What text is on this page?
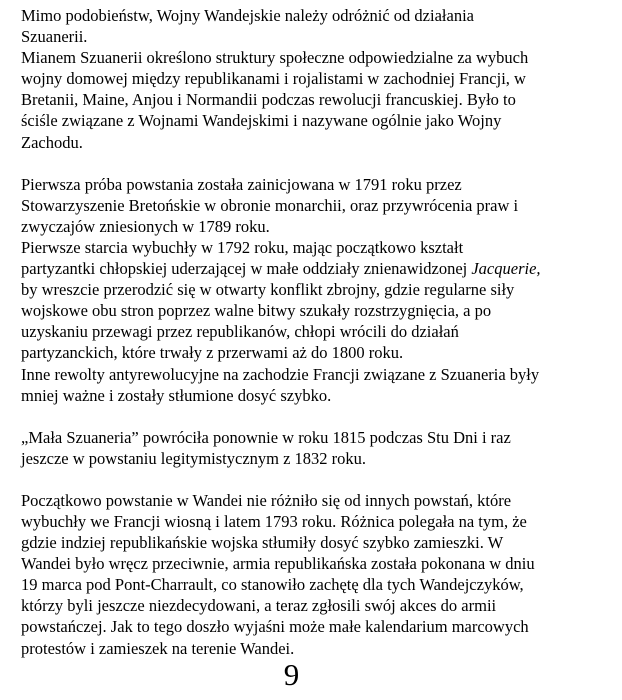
Mimo podobieństw, Wojny Wandejskie należy odróżnić od działania
Szuanerii.
Mianem Szuanerii określono struktury społeczne odpowiedzialne za wybuch
wojny domowej między republikanami i rojalistami w zachodniej Francji, w
Bretanii, Maine, Anjou i Normandii podczas rewolucji francuskiej. Było to
ściśle związane z Wojnami Wandejskimi i nazywane ogólnie jako Wojny
Zachodu.

Pierwsza próba powstania została zainicjowana w 1791 roku przez
Stowarzyszenie Bretońskie w obronie monarchii, oraz przywrócenia praw i
zwyczajów zniesionych w 1789 roku.
Pierwsze starcia wybuchły w 1792 roku, mając początkowo kształt
partyzantki chłopskiej uderzającej w małe oddziały znienawidzonej Jacquerie,
by wreszcie przerodzić się w otwarty konflikt zbrojny, gdzie regularne siły
wojskowe obu stron poprzez walne bitwy szukały rozstrzygnięcia, a po
uzyskaniu przewagi przez republikanów, chłopi wrócili do działań
partyzanckich, które trwały z przerwami aż do 1800 roku.
Inne rewolty antyrewolucyjne na zachodzie Francji związane z Szuaneria były
mniej ważne i zostały stłumione dosyć szybko.

„Mała Szuaneria” powróciła ponownie w roku 1815 podczas Stu Dni i raz
jeszcze w powstaniu legitymistycznym z 1832 roku.

Początkowo powstanie w Wandei nie różniło się od innych powstań, które
wybuchły we Francji wiosną i latem 1793 roku. Różnica polegała na tym, że
gdzie indziej republikańskie wojska stłumiły dosyć szybko zamieszki. W
Wandei było wręcz przeciwnie, armia republikańska została pokonana w dniu
19 marca pod Pont-Charrault, co stanowiło zachętę dla tych Wandejczyków,
którzy byli jeszcze niezdecydowani, a teraz zgłosili swój akces do armii
powstańczej. Jak to tego doszło wyjaśni może małe kalendarium marcowych
protestów i zamieszek na terenie Wandei.

9
